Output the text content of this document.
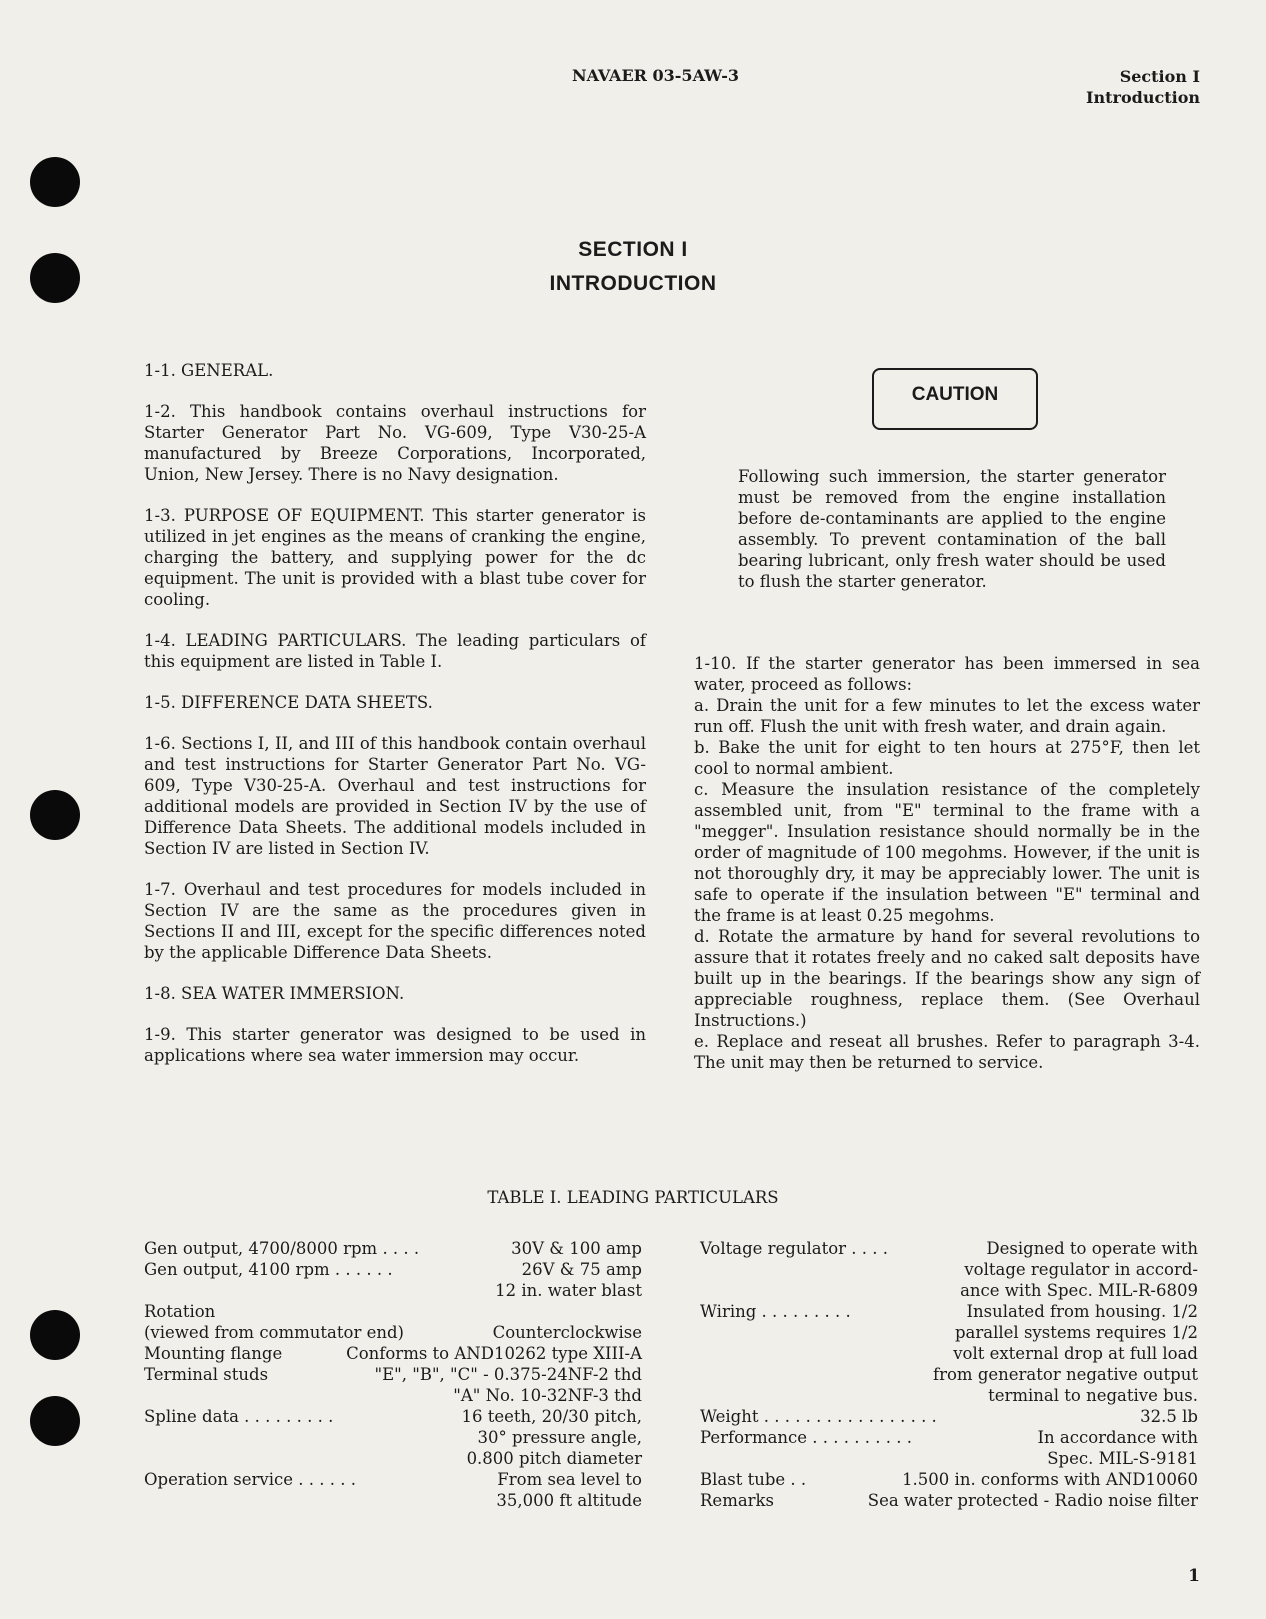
NAVAER 03-5AW-3	Section I
Introduction
SECTION I
INTRODUCTION

1-1. GENERAL.

1-2. This handbook contains overhaul instructions for Starter Generator Part No. VG-609, Type V30-25-A manufactured by Breeze Corporations, Incorporated, Union, New Jersey. There is no Navy designation.

1-3. PURPOSE OF EQUIPMENT. This starter generator is utilized in jet engines as the means of cranking the engine, charging the battery, and supplying power for the dc equipment. The unit is provided with a blast tube cover for cooling.

1-4. LEADING PARTICULARS. The leading particulars of this equipment are listed in Table I.

1-5. DIFFERENCE DATA SHEETS.

1-6. Sections I, II, and III of this handbook contain overhaul and test instructions for Starter Generator Part No. VG-609, Type V30-25-A. Overhaul and test instructions for additional models are provided in Section IV by the use of Difference Data Sheets. The additional models included in Section IV are listed in Section IV.

1-7. Overhaul and test procedures for models included in Section IV are the same as the procedures given in Sections II and III, except for the specific differences noted by the applicable Difference Data Sheets.

1-8. SEA WATER IMMERSION.

1-9. This starter generator was designed to be used in applications where sea water immersion may occur.

CAUTION
Following such immersion, the starter generator must be removed from the engine installation before de-contaminants are applied to the engine assembly. To prevent contamination of the ball bearing lubricant, only fresh water should be used to flush the starter generator.

1-10. If the starter generator has been immersed in sea water, proceed as follows:

a. Drain the unit for a few minutes to let the excess water run off. Flush the unit with fresh water, and drain again.

b. Bake the unit for eight to ten hours at 275°F, then let cool to normal ambient.

c. Measure the insulation resistance of the completely assembled unit, from "E" terminal to the frame with a "megger". Insulation resistance should normally be in the order of magnitude of 100 megohms. However, if the unit is not thoroughly dry, it may be appreciably lower. The unit is safe to operate if the insulation between "E" terminal and the frame is at least 0.25 megohms.

d. Rotate the armature by hand for several revolutions to assure that it rotates freely and no caked salt deposits have built up in the bearings. If the bearings show any sign of appreciable roughness, replace them. (See Overhaul Instructions.)

e. Replace and reseat all brushes. Refer to paragraph 3-4. The unit may then be returned to service.

TABLE I. LEADING PARTICULARS
Gen output, 4700/8000 rpm . . . .	30V & 100 amp
Gen output, 4100 rpm . . . . . .	26V & 75 amp
12 in. water blast
Rotation
(viewed from commutator end)	Counterclockwise
Mounting flange	Conforms to AND10262 type XIII-A
Terminal studs	"E", "B", "C" - 0.375-24NF-2 thd
"A" No. 10-32NF-3 thd
Spline data . . . . . . . . .	16 teeth, 20/30 pitch,
30° pressure angle,
0.800 pitch diameter
Operation service . . . . . .	From sea level to
35,000 ft altitude
Voltage regulator . . . .	Designed to operate with
voltage regulator in accord-
ance with Spec. MIL-R-6809
Wiring . . . . . . . . .	Insulated from housing. 1/2
parallel systems requires 1/2
volt external drop at full load
from generator negative output
terminal to negative bus.
Weight . . . . . . . . . . . . . . . . .	32.5 lb
Performance . . . . . . . . . .	In accordance with
Spec. MIL-S-9181
Blast tube . .	1.500 in. conforms with AND10060
Remarks	Sea water protected - Radio noise filter
1
